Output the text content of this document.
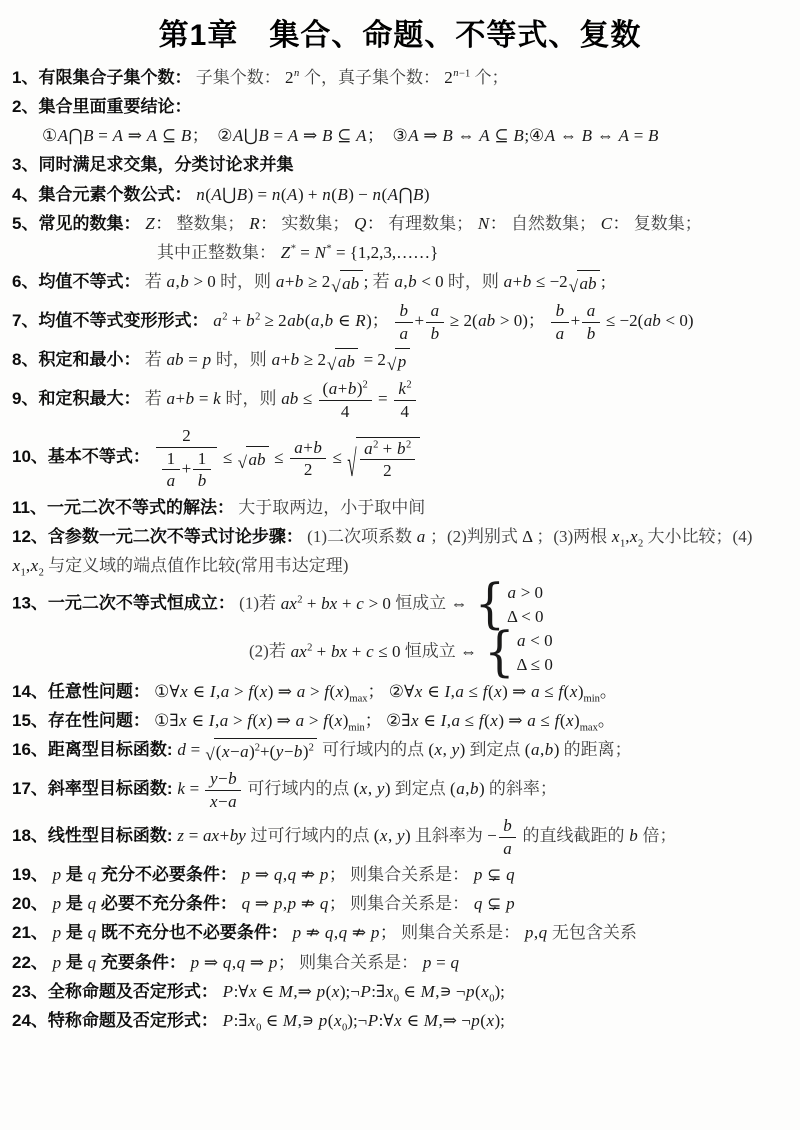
第1章　集合、命题、不等式、复数
1、有限集合子集个数： 子集个数： 2$^n$ 个，真子集个数： $2^{n-1}$ 个；
2、集合里面重要结论：
①A⋂B = A ⇒ A ⊆ B；  ②A⋃B = A ⇒ B ⊆ A；  ③A ⇒ B ⇔ A ⊆ B;④A ⇔ B ⇔ A = B
3、同时满足求交集，分类讨论求并集
4、集合元素个数公式： n(A⋃B) = n(A) + n(B) − n(A⋂B)
5、常见的数集： Z： 整数集； R： 实数集； Q： 有理数集； N： 自然数集； C： 复数集；
其中正整数集： Z* = N* = {1,2,3,……}
6、均值不等式： 若 a,b > 0 时，则 a+b ≥ 2 √ ab ; 若 a,b < 0 时，则 a+b ≤ −2 √ ab ;
7、均值不等式变形形式： $a^2 + b^2 \ge 2ab(a,b$ ∈ R)； $\frac{b}{a} + \frac{a}{b} \ge 2(ab > 0)$； $\frac{b}{a} + \frac{a}{b} \le -2(ab < 0)$
8、积定和最小： 若 ab = p 时，则 a+b ≥ 2 √ ab = 2 √ p
9、和定积最大： 若 a+b = k 时，则 ab ≤ $\frac{(a+b)^2}{4} = \frac{k^2}{4}$
10、基本不等式： $\frac{2}{\frac{1}{a} + \frac{1}{b}}$ ≤ √ ab ≤ $\frac{a+b}{2}$ ≤ √ $\frac{a^2 + b^2}{2}$
11、一元二次不等式的解法： 大于取两边，小于取中间
12、含参数一元二次不等式讨论步骤： (1)二次项系数 a ；(2)判别式 Δ ；(3)两根 $x_1,x_2$ 大小比较；(4)
$x_1,x_2$ 与定义域的端点值作比较(常用韦达定理)
13、一元二次不等式恒成立： (1)若 $ax^2$ + bx + c > 0 恒成立 ⇔ { a > 0
Δ < 0
(2)若 $ax^2$ + bx + c ≤ 0 恒成立 ⇔ { a < 0
Δ ≤ 0
14、任意性问题： ①∀x ∈ I,a > f(x) ⇒ $a > f(x)_{max}$； ②∀x ∈ I,a ≤ f(x) ⇒ $a \le f(x)_{min}$。
15、存在性问题： ①∃x ∈ I,a > f(x) ⇒ $a > f(x)_{min}$； ②∃x ∈ I,a ≤ f(x) ⇒ $a \le f(x)_{max}$。
16、距离型目标函数: d = √ $(x-a)^2+(y-b)^2$ 可行域内的点 (x, y) 到定点 (a,b) 的距离；
17、斜率型目标函数: $k = \frac{y-b}{x-a}$ 可行域内的点 (x, y) 到定点 (a,b) 的斜率；
18、线性型目标函数: z = ax+by 过可行域内的点 (x, y) 且斜率为 − $\frac{b}{a}$ 的直线截距的 b 倍；
19、 p 是 q 充分不必要条件： p ⇒ q,q ⇏ p； 则集合关系是： p ⊊ q
20、 p 是 q 必要不充分条件： q ⇒ p,p ⇏ q； 则集合关系是： q ⊊ p
21、 p 是 q 既不充分也不必要条件： p ⇏ q,q ⇏ p； 则集合关系是： p,q 无包含关系
22、 p 是 q 充要条件： p ⇒ q,q ⇒ p； 则集合关系是： p = q
23、全称命题及否定形式： P:∀x ∈ M,⇒ $p(x);\neg P:\exists x_0$ ∈ M,∍ $\neg p(x_0)$;
24、特称命题及否定形式： $P:\exists x_0$ ∈ M,∍ $p(x_0);\neg P:\forall x$ ∈ M,⇒ ¬p(x);
